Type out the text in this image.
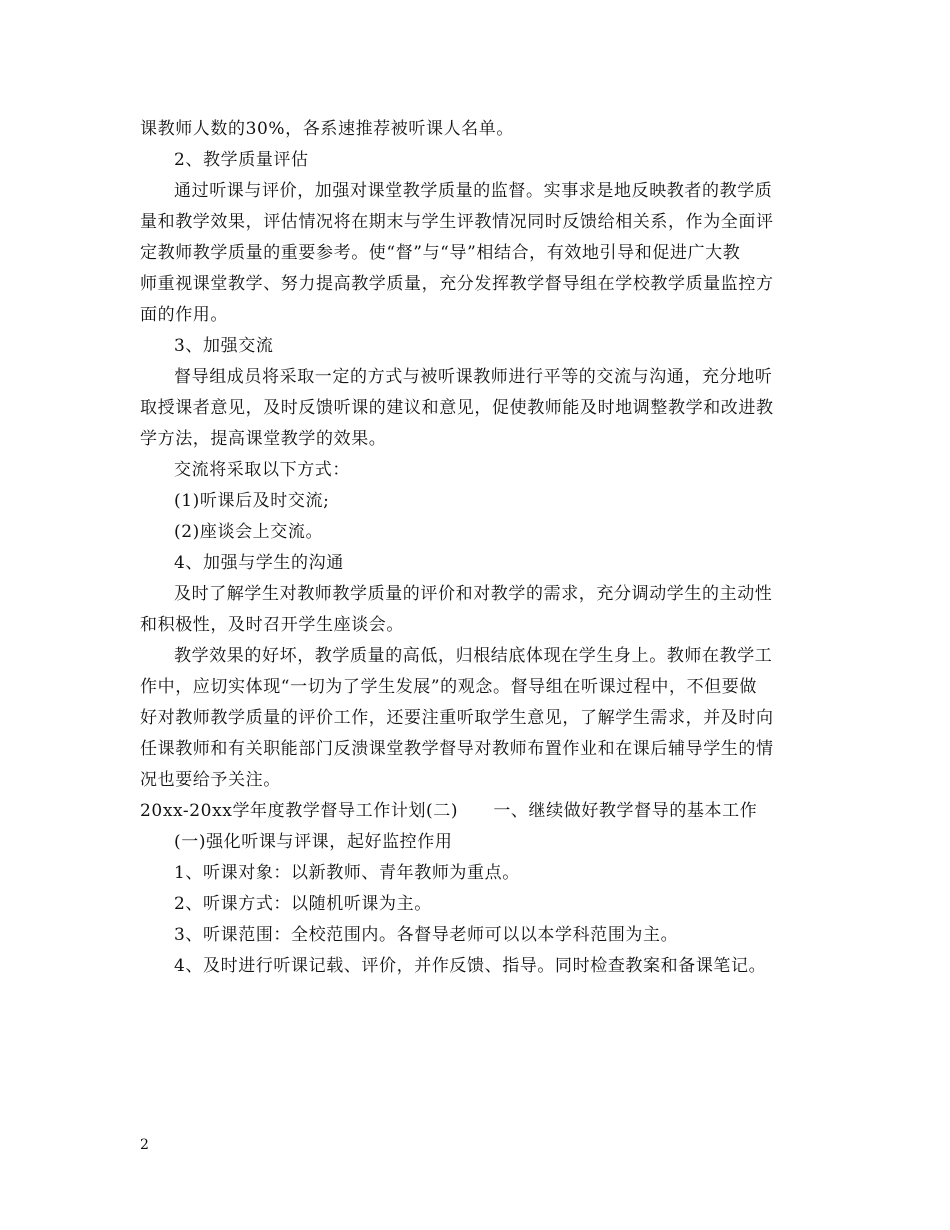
课教师人数的30%，各系速推荐被听课人名单。
2、教学质量评估
通过听课与评价，加强对课堂教学质量的监督。实事求是地反映教者的教学质
量和教学效果，评估情况将在期末与学生评教情况同时反馈给相关系，作为全面评
定教师教学质量的重要参考。使“督”与“导”相结合，有效地引导和促进广大教
师重视课堂教学、努力提高教学质量，充分发挥教学督导组在学校教学质量监控方
面的作用。
3、加强交流
督导组成员将采取一定的方式与被听课教师进行平等的交流与沟通，充分地听
取授课者意见，及时反馈听课的建议和意见，促使教师能及时地调整教学和改进教
学方法，提高课堂教学的效果。
交流将采取以下方式：
(1)听课后及时交流;
(2)座谈会上交流。
4、加强与学生的沟通
及时了解学生对教师教学质量的评价和对教学的需求，充分调动学生的主动性
和积极性，及时召开学生座谈会。
教学效果的好坏，教学质量的高低，归根结底体现在学生身上。教师在教学工
作中，应切实体现“一切为了学生发展”的观念。督导组在听课过程中，不但要做
好对教师教学质量的评价工作，还要注重听取学生意见，了解学生需求，并及时向
任课教师和有关职能部门反溃课堂教学督导对教师布置作业和在课后辅导学生的情
况也要给予关注。
20xx-20xx学年度教学督导工作计划(二)　　一、继续做好教学督导的基本工作
(一)强化听课与评课，起好监控作用
1、听课对象：以新教师、青年教师为重点。
2、听课方式：以随机听课为主。
3、听课范围：全校范围内。各督导老师可以以本学科范围为主。
4、及时进行听课记载、评价，并作反馈、指导。同时检查教案和备课笔记。
2
